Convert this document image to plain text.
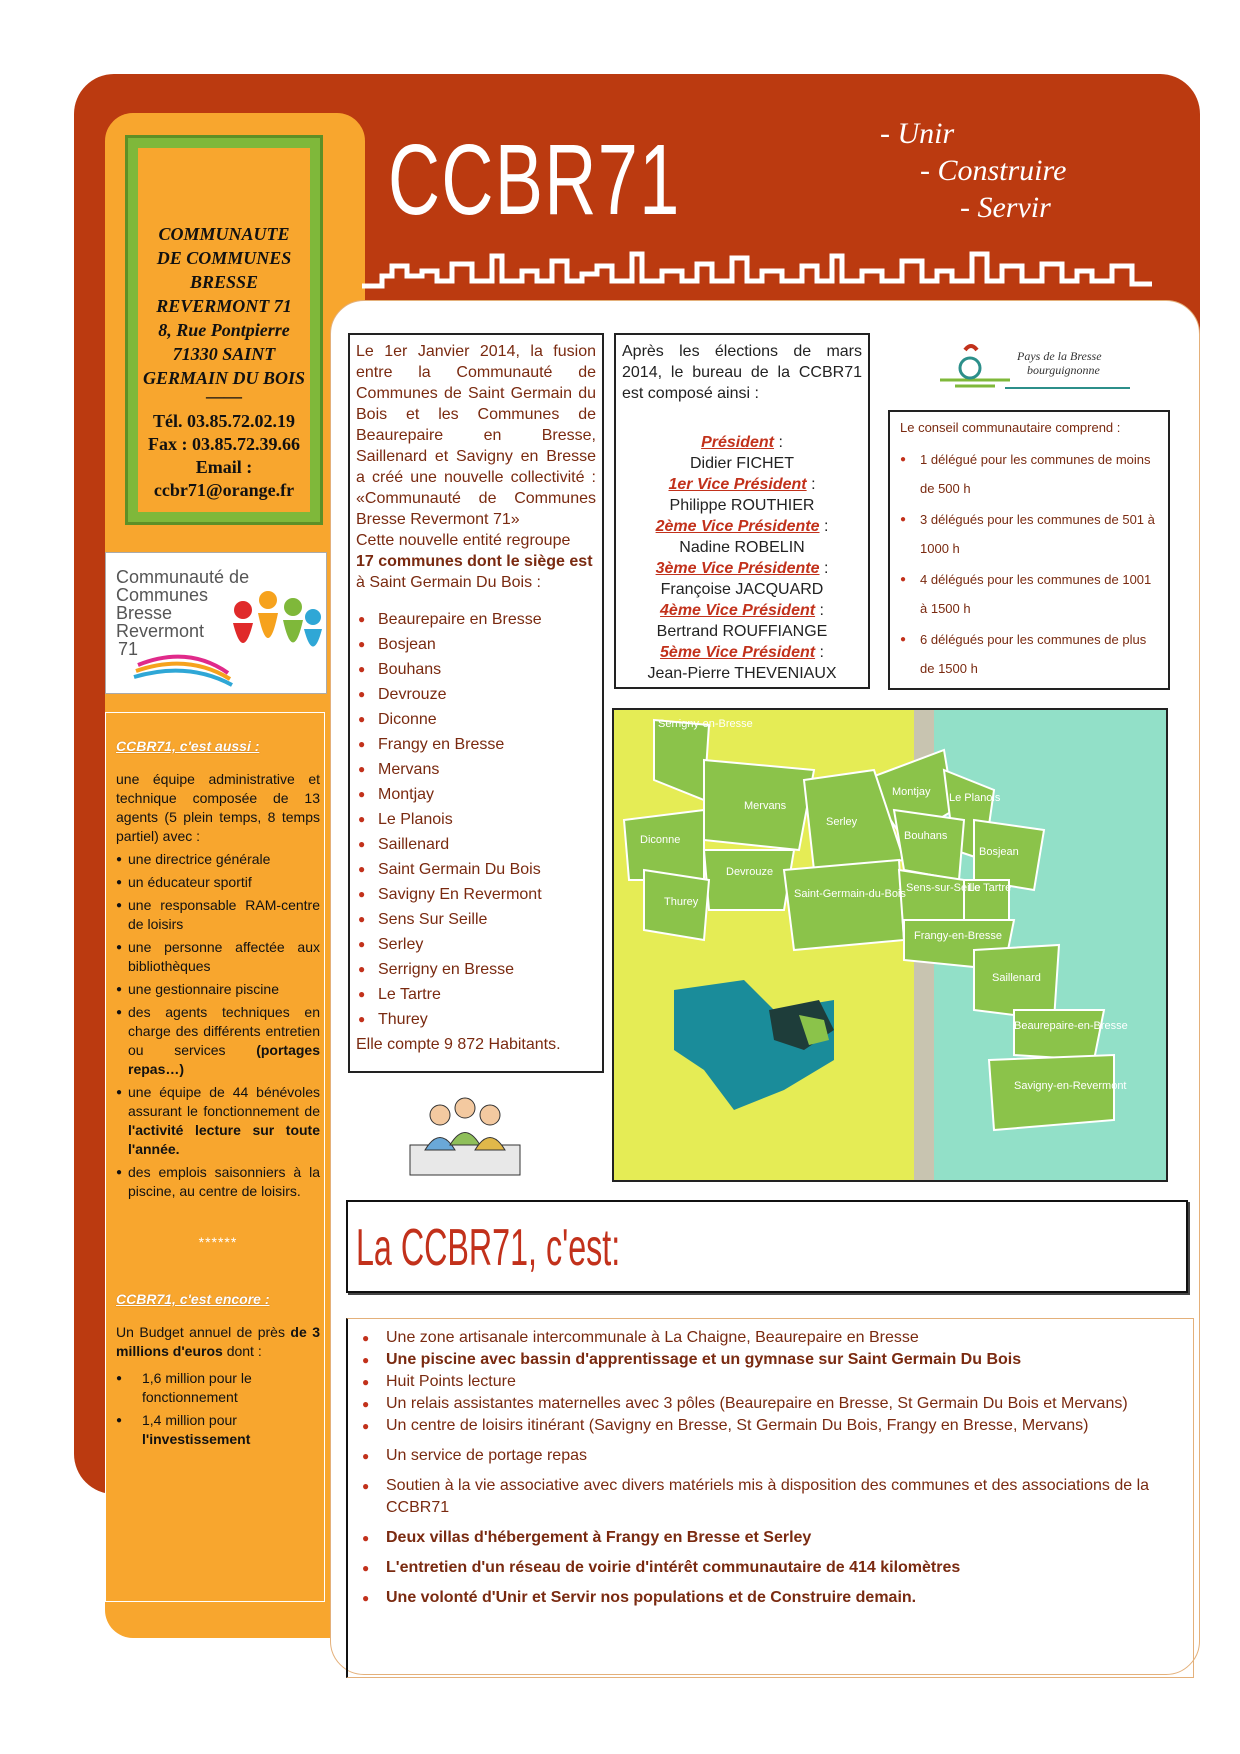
COMMUNAUTE
DE COMMUNES
BRESSE
REVERMONT 71
8, Rue Pontpierre
71330 SAINT
GERMAIN DU BOIS
——
Tél. 03.85.72.02.19
Fax : 03.85.72.39.66
Email :
ccbr71@orange.fr
Communauté de
Communes
Bresse
Revermont
71
CCBR71, c'est aussi :
une équipe administrative et technique composée de 13 agents (5 plein temps, 8 temps partiel) avec :
● une directrice générale
● un éducateur sportif
● une responsable RAM-centre de loisirs
● une personne affectée aux bibliothèques
● une gestionnaire piscine
● des agents techniques en charge des différents entretien ou services (portages repas…)
● une équipe de 44 bénévoles assurant le fonctionnement de l'activité lecture sur toute l'année.
● des emplois saisonniers à la piscine, au centre de loisirs.
******
CCBR71, c'est encore :
Un Budget annuel de près de 3 millions d'euros dont :
● 1,6 million pour le fonctionnement
● 1,4 million pour
l'investissement
CCBR71	- Unir
- Construire
- Servir
Le 1er Janvier 2014, la fusion entre la Communauté de Communes de Saint Germain du Bois et les Communes de Beaurepaire en Bresse, Saillenard et Savigny en Bresse a créé une nouvelle collectivité : «Communauté de Communes Bresse Revermont 71»
Cette nouvelle entité regroupe
17 communes dont le siège est
à Saint Germain Du Bois :
● Beaurepaire en Bresse
● Bosjean
● Bouhans
● Devrouze
● Diconne
● Frangy en Bresse
● Mervans
● Montjay
● Le Planois
● Saillenard
● Saint Germain Du Bois
● Savigny En Revermont
● Sens Sur Seille
● Serley
● Serrigny en Bresse
● Le Tartre
● Thurey
Elle compte 9 872 Habitants.
Après les élections de mars 2014, le bureau de la CCBR71 est composé ainsi :
Président :
Didier FICHET
1er Vice Président :
Philippe ROUTHIER
2ème Vice Présidente :
Nadine ROBELIN
3ème Vice Présidente :
Françoise JACQUARD
4ème Vice Président :
Bertrand ROUFFIANGE
5ème Vice Président :
Jean-Pierre THEVENIAUX
Pays de la Bresse
bourguignonne
Le conseil communautaire comprend :
● 1 délégué pour les communes de moins de 500 h
● 3 délégués pour les communes de 501 à 1000 h
● 4 délégués pour les communes de 1001 à 1500 h
● 6 délégués pour les communes de plus de 1500 h
Serrigny-en-Bresse
Mervans
Montjay Le Planois
Serley
Bouhans
Bosjean
Diconne
Devrouze
Thurey
Saint-Germain-du-Bois Sens-sur-Seille
Le Tartre
Frangy-en-Bresse
Saillenard
Beaurepaire-en-Bresse
Savigny-en-Revermont
La CCBR71, c'est:
● Une zone artisanale intercommunale à La Chaigne, Beaurepaire en Bresse
● Une piscine avec bassin d'apprentissage et un gymnase sur Saint Germain Du Bois
● Huit Points lecture
● Un relais assistantes maternelles avec 3 pôles (Beaurepaire en Bresse, St Germain Du Bois et Mervans)
● Un centre de loisirs itinérant (Savigny en Bresse, St Germain Du Bois, Frangy en Bresse, Mervans)
● Un service de portage repas
● Soutien à la vie associative avec divers matériels mis à disposition des communes et des associations de la CCBR71
● Deux villas d'hébergement à Frangy en Bresse et Serley
● L'entretien d'un réseau de voirie d'intérêt communautaire de 414 kilomètres
● Une volonté d'Unir et Servir nos populations et de Construire demain.
